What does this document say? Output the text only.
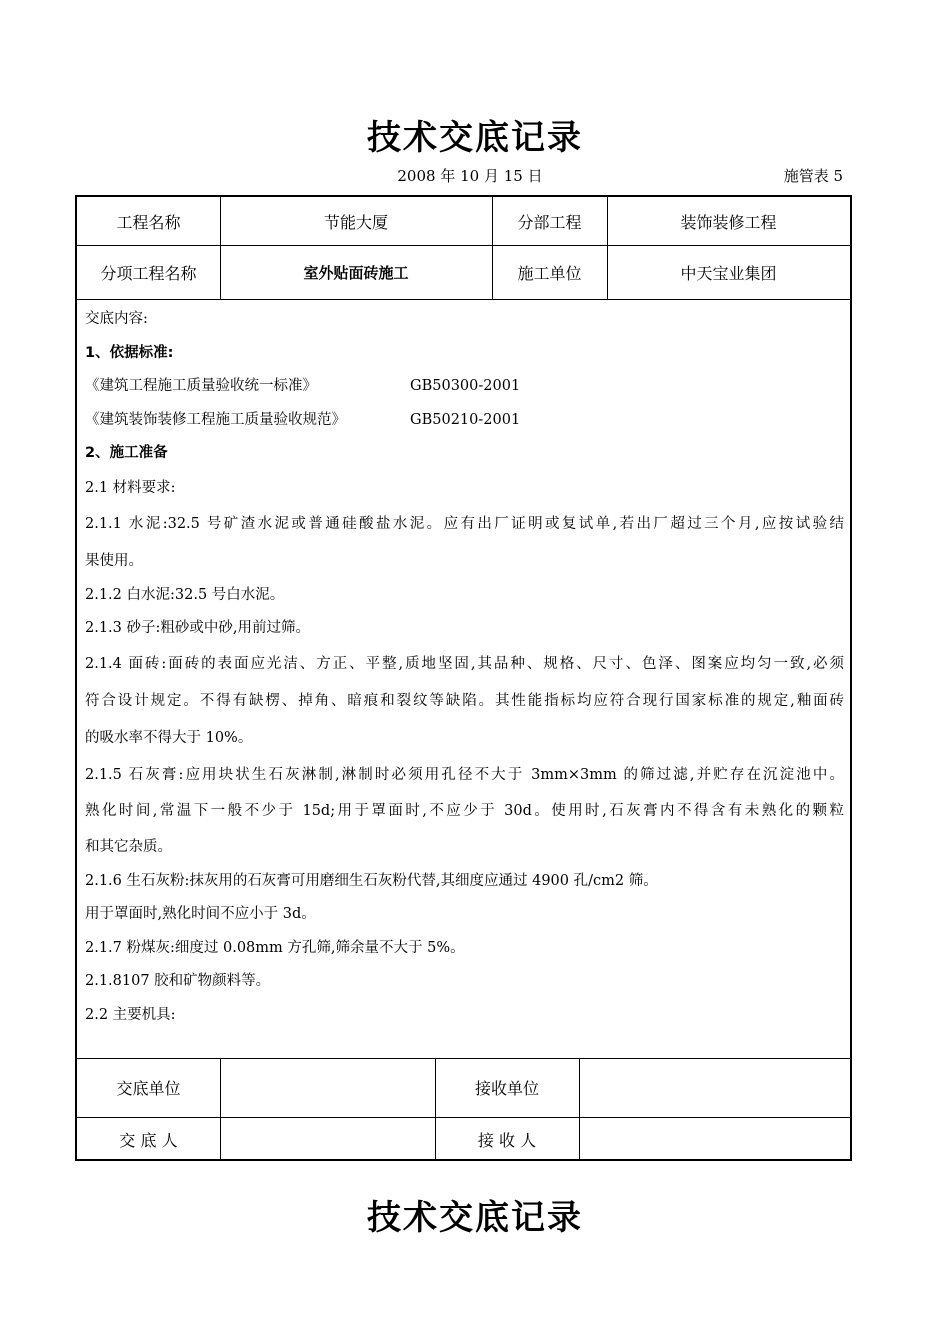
技术交底记录
2008 年 10 月 15 日	施管表 5
工程名称	节能大厦	分部工程	装饰装修工程
分项工程名称	室外贴面砖施工	施工单位	中天宝业集团
交底内容:
1、依据标准:
《建筑工程施工质量验收统一标准》	GB50300-2001
《建筑装饰装修工程施工质量验收规范》	GB50210-2001
2、施工准备
2.1 材料要求:
2.1.1 水泥:32.5 号矿渣水泥或普通硅酸盐水泥。应有出厂证明或复试单,若出厂超过三个月,应按试验结
果使用。
2.1.2 白水泥:32.5 号白水泥。
2.1.3 砂子:粗砂或中砂,用前过筛。
2.1.4 面砖:面砖的表面应光洁、方正、平整,质地坚固,其品种、规格、尺寸、色泽、图案应均匀一致,必须
符合设计规定。不得有缺楞、掉角、暗痕和裂纹等缺陷。其性能指标均应符合现行国家标准的规定,釉面砖
的吸水率不得大于 10%。
2.1.5 石灰膏:应用块状生石灰淋制,淋制时必须用孔径不大于 3mm×3mm 的筛过滤,并贮存在沉淀池中。
熟化时间,常温下一般不少于 15d;用于罩面时,不应少于 30d。使用时,石灰膏内不得含有未熟化的颗粒
和其它杂质。
2.1.6 生石灰粉:抹灰用的石灰膏可用磨细生石灰粉代替,其细度应通过 4900 孔/cm2 筛。
用于罩面时,熟化时间不应小于 3d。
2.1.7 粉煤灰:细度过 0.08mm 方孔筛,筛余量不大于 5%。
2.1.8107 胶和矿物颜料等。
2.2 主要机具:
交底单位	接收单位
交 底 人	接 收 人
技术交底记录
